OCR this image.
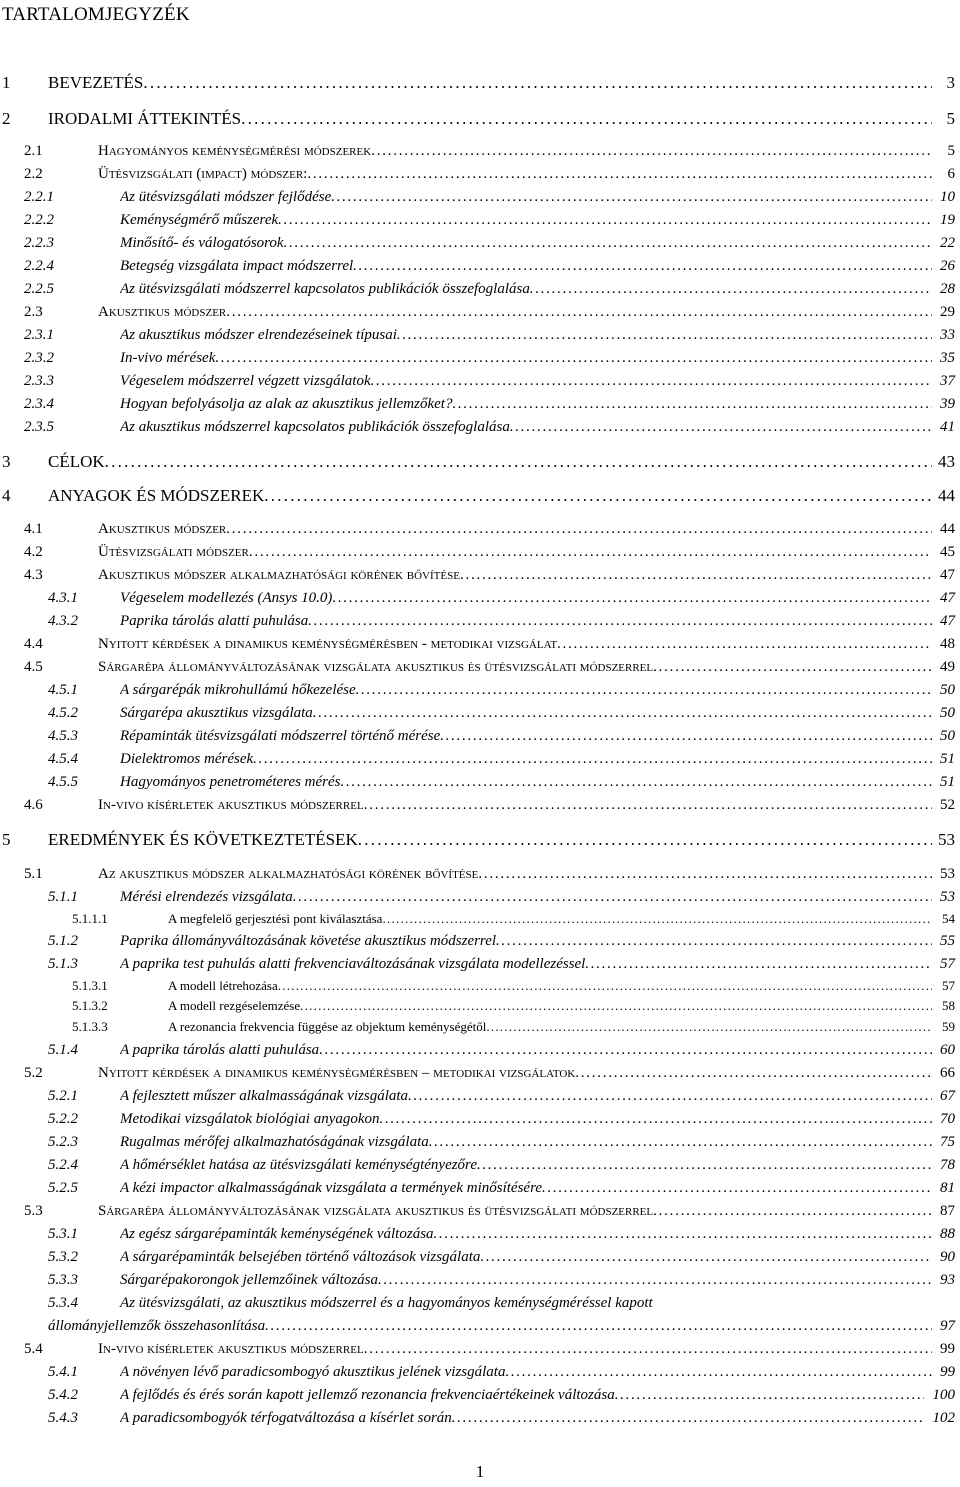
TARTALOMJEGYZÉK
1 BEVEZETÉS . . .	3
2 IRODALMI ÁTTEKINTÉS . . .	5
2.1	Hagyományos keménységmérési módszerek . . .	5
2.2	Ütésvizsgálati (impact) módszer: . . .	6
2.2.1	Az ütésvizsgálati módszer fejlődése . . .	10
2.2.2	Keménységmérő műszerek . . .	19
2.2.3	Minősítő- és válogatósorok . . .	22
2.2.4	Betegség vizsgálata impact módszerrel . . .	26
2.2.5	Az ütésvizsgálati módszerrel kapcsolatos publikációk összefoglalása . . .	28
2.3	Akusztikus módszer . . .	29
2.3.1	Az akusztikus módszer elrendezéseinek típusai . . .	33
2.3.2	In-vivo mérések . . .	35
2.3.3	Végeselem módszerrel végzett vizsgálatok . . .	37
2.3.4	Hogyan befolyásolja az alak az akusztikus jellemzőket? . . .	39
2.3.5	Az akusztikus módszerrel kapcsolatos publikációk összefoglalása . . .	41
3 CÉLOK . . .	43
4 ANYAGOK ÉS MÓDSZEREK . . .	44
4.1	Akusztikus módszer . . .	44
4.2	Ütésvizsgálati módszer . . .	45
4.3	Akusztikus módszer alkalmazhatósági körének bővítése . . .	47
4.3.1	Végeselem modellezés (Ansys 10.0) . . .	47
4.3.2	Paprika tárolás alatti puhulása . . .	47
4.4	Nyitott kérdések a dinamikus keménységmérésben - metodikai vizsgálat . . .	48
4.5	Sárgarépa állományváltozásának vizsgálata akusztikus és ütésvizsgálati módszerrel . . .	49
4.5.1	A sárgarépák mikrohullámú hőkezelése . . .	50
4.5.2	Sárgarépa akusztikus vizsgálata . . .	50
4.5.3	Répaminták ütésvizsgálati módszerrel történő mérése . . .	50
4.5.4	Dielektromos mérések . . .	51
4.5.5	Hagyományos penetrométeres mérés . . .	51
4.6	In-vivo kísérletek akusztikus módszerrel . . .	52
5 EREDMÉNYEK ÉS KÖVETKEZTETÉSEK . . .	53
5.1	Az akusztikus módszer alkalmazhatósági körének bővítése . . .	53
5.1.1	Mérési elrendezés vizsgálata . . .	53
5.1.1.1	A megfelelő gerjesztési pont kiválasztása . . .	54
5.1.2	Paprika állományváltozásának követése akusztikus módszerrel . . .	55
5.1.3	A paprika test puhulás alatti frekvenciaváltozásának vizsgálata modellezéssel . . .	57
5.1.3.1	A modell létrehozása . . .	57
5.1.3.2	A modell rezgéselemzése . . .	58
5.1.3.3	A rezonancia frekvencia függése az objektum keménységétől . . .	59
5.1.4	A paprika tárolás alatti puhulása . . .	60
5.2	Nyitott kérdések a dinamikus keménységmérésben – metodikai vizsgálatok . . .	66
5.2.1	A fejlesztett műszer alkalmasságának vizsgálata . . .	67
5.2.2	Metodikai vizsgálatok biológiai anyagokon . . .	70
5.2.3	Rugalmas mérőfej alkalmazhatóságának vizsgálata . . .	75
5.2.4	A hőmérséklet hatása az ütésvizsgálati keménységtényezőre . . .	78
5.2.5	A kézi impactor alkalmasságának vizsgálata a termények minősítésére . . .	81
5.3	Sárgarépa állományváltozásának vizsgálata akusztikus és ütésvizsgálati módszerrel . . .	87
5.3.1	Az egész sárgarépaminták keménységének változása . . .	88
5.3.2	A sárgarépaminták belsejében történő változások vizsgálata . . .	90
5.3.3	Sárgarépakorongok jellemzőinek változása . . .	93
5.3.4	Az ütésvizsgálati, az akusztikus módszerrel és a hagyományos keménységméréssel kapott
állományjellemzők összehasonlítása . . .	97
5.4	In-vivo kísérletek akusztikus módszerrel . . .	99
5.4.1	A növényen lévő paradicsombogyó akusztikus jelének vizsgálata . . .	99
5.4.2	A fejlődés és érés során kapott jellemző rezonancia frekvenciaértékeinek változása . . .	100
5.4.3	A paradicsombogyók térfogatváltozása a kísérlet során . . .	102
1
